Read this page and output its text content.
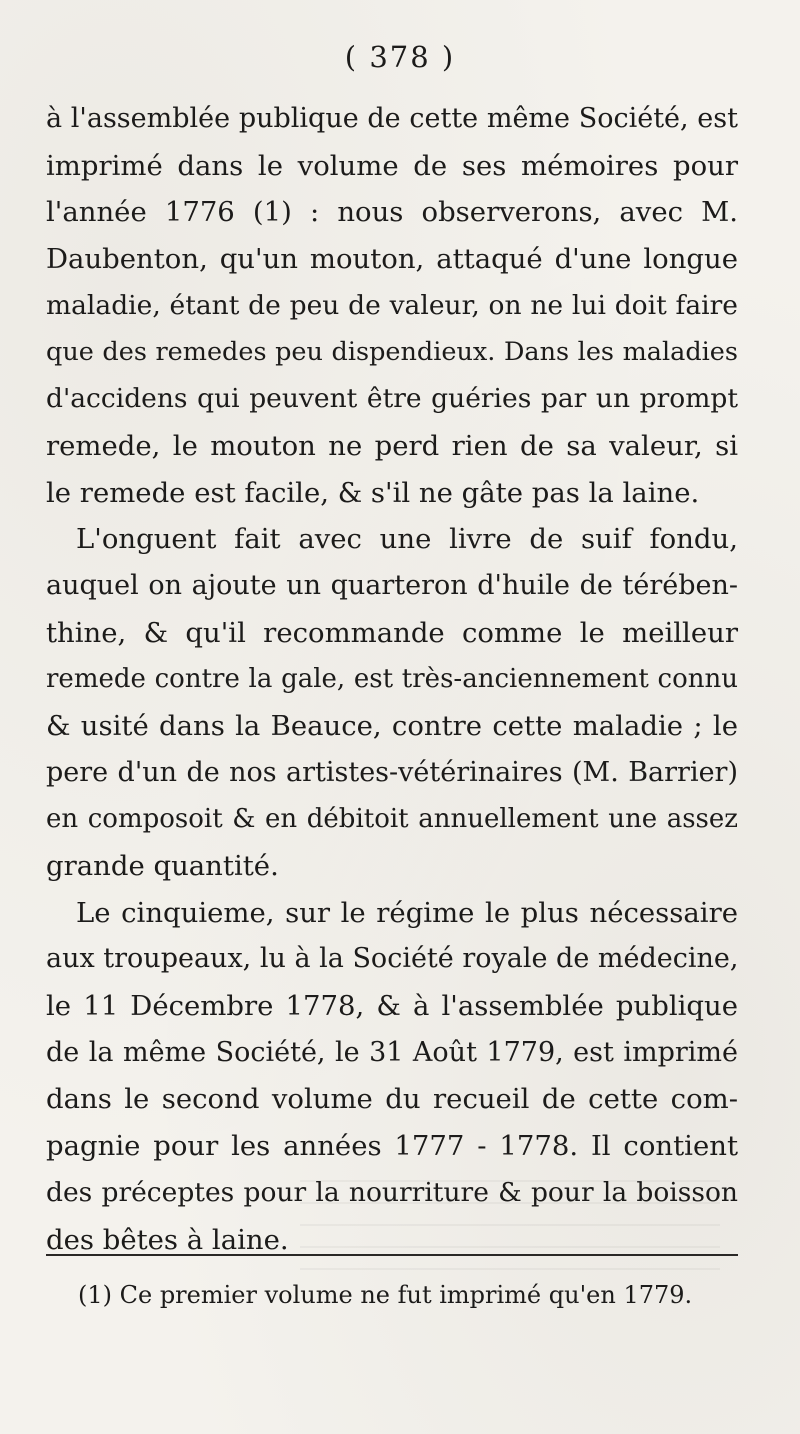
( 378 )
à l'assemblée publique de cette même Société, est
imprimé dans le volume de ses mémoires pour
l'année 1776 (1) : nous observerons, avec M.
Daubenton, qu'un mouton, attaqué d'une longue
maladie, étant de peu de valeur, on ne lui doit faire
que des remedes peu dispendieux. Dans les maladies
d'accidens qui peuvent être guéries par un prompt
remede, le mouton ne perd rien de sa valeur, si
le remede est facile, & s'il ne gâte pas la laine.
L'onguent fait avec une livre de suif fondu,
auquel on ajoute un quarteron d'huile de térében-
thine, & qu'il recommande comme le meilleur
remede contre la gale, est très-anciennement connu
& usité dans la Beauce, contre cette maladie ; le
pere d'un de nos artistes-vétérinaires (M. Barrier)
en composoit & en débitoit annuellement une assez
grande quantité.
Le cinquieme, sur le régime le plus nécessaire
aux troupeaux, lu à la Société royale de médecine,
le 11 Décembre 1778, & à l'assemblée publique
de la même Société, le 31 Août 1779, est imprimé
dans le second volume du recueil de cette com-
pagnie pour les années 1777 - 1778. Il contient
des préceptes pour la nourriture & pour la boisson
des bêtes à laine.
(1) Ce premier volume ne fut imprimé qu'en 1779.
